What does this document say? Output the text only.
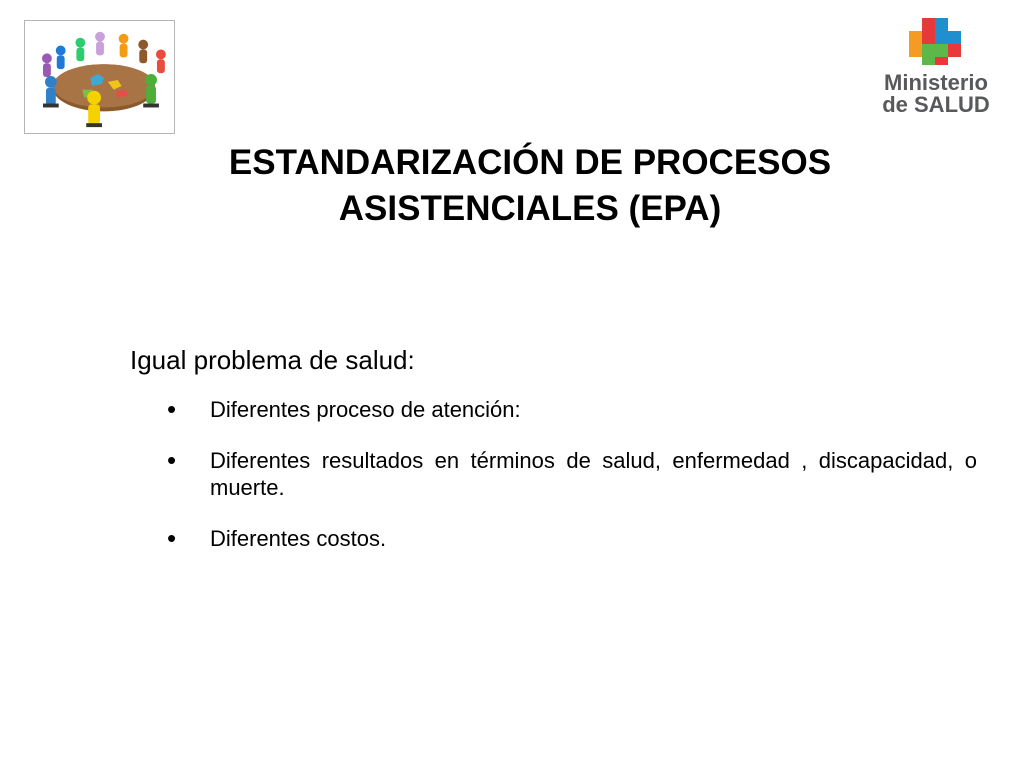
Ministerio
de SALUD
ESTANDARIZACIÓN DE PROCESOS
ASISTENCIALES (EPA)
Igual problema de salud:
• Diferentes proceso de atención:
• Diferentes resultados en términos de salud, enfermedad , discapacidad, o muerte.
• Diferentes costos.
